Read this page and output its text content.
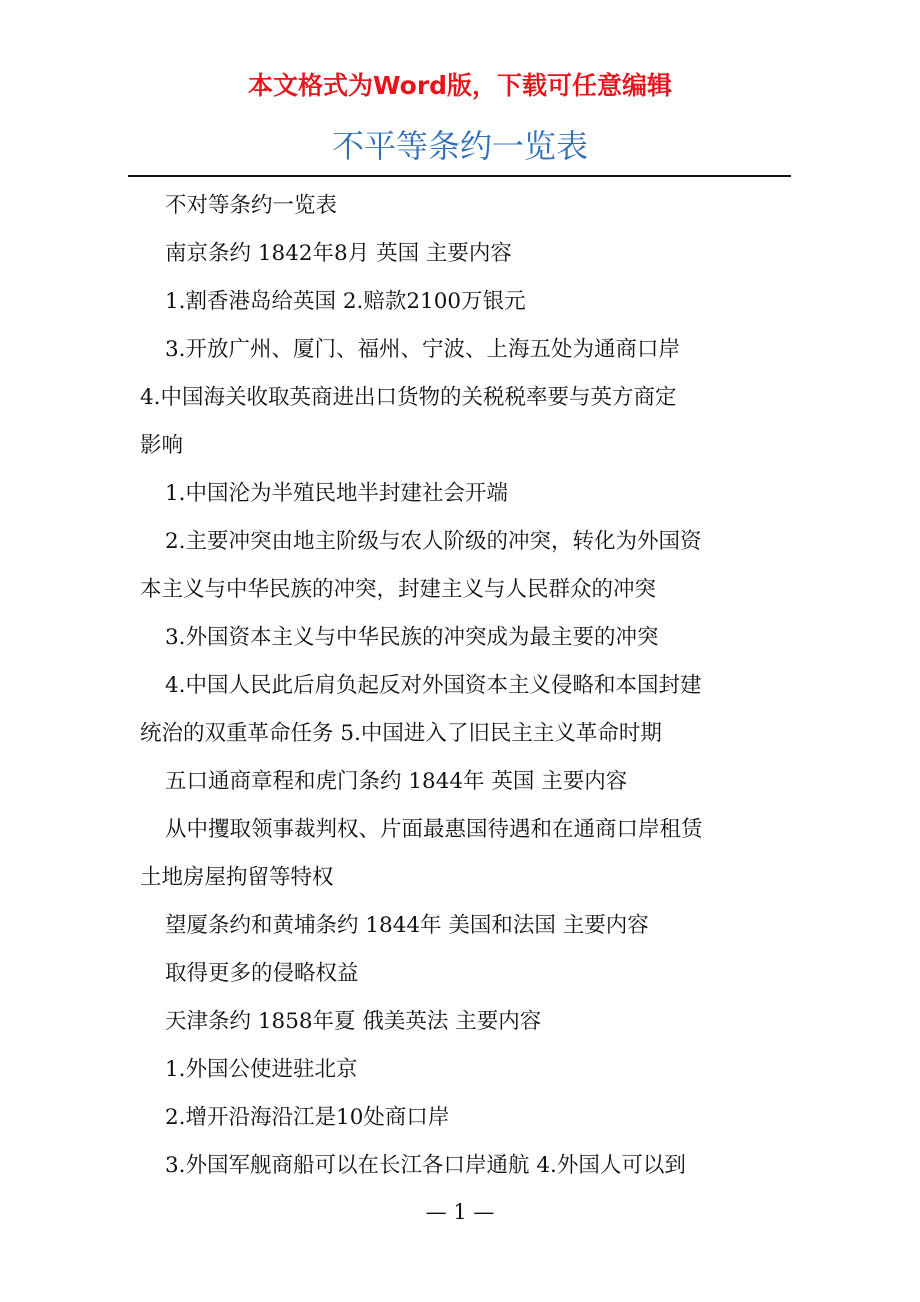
本文格式为Word版，下载可任意编辑
不平等条约一览表

不对等条约一览表

南京条约 1842年8月 英国 主要内容

1.割香港岛给英国 2.赔款2100万银元

3.开放广州、厦门、福州、宁波、上海五处为通商口岸

4.中国海关收取英商进出口货物的关税税率要与英方商定

影响

1.中国沦为半殖民地半封建社会开端

2.主要冲突由地主阶级与农人阶级的冲突，转化为外国资

本主义与中华民族的冲突，封建主义与人民群众的冲突

3.外国资本主义与中华民族的冲突成为最主要的冲突

4.中国人民此后肩负起反对外国资本主义侵略和本国封建

统治的双重革命任务 5.中国进入了旧民主主义革命时期

五口通商章程和虎门条约 1844年 英国 主要内容

从中攫取领事裁判权、片面最惠国待遇和在通商口岸租赁

土地房屋拘留等特权

望厦条约和黄埔条约 1844年 美国和法国 主要内容

取得更多的侵略权益

天津条约 1858年夏 俄美英法 主要内容

1.外国公使进驻北京

2.增开沿海沿江是10处商口岸

3.外国军舰商船可以在长江各口岸通航 4.外国人可以到

— 1 —
